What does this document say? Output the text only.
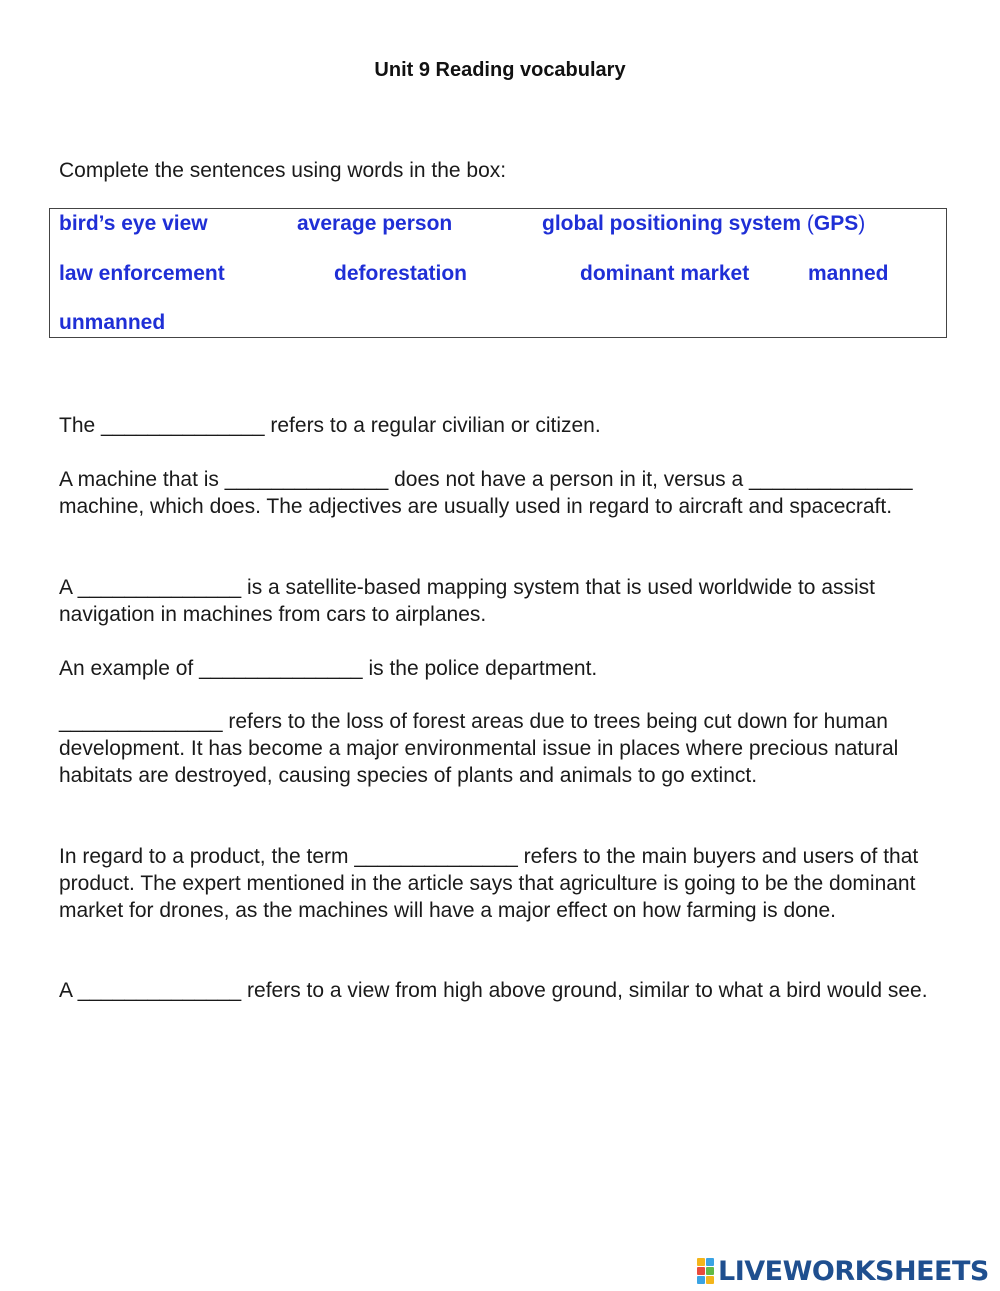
Unit 9 Reading vocabulary
Complete the sentences using words in the box:
bird’s eye view	average person	global positioning system (GPS)
law enforcement	deforestation	dominant market	manned
unmanned
The ______________ refers to a regular civilian or citizen.
A machine that is ______________ does not have a person in it, versus a ______________ machine, which does. The adjectives are usually used in regard to aircraft and spacecraft.
A ______________ is a satellite-based mapping system that is used worldwide to assist navigation in machines from cars to airplanes.
An example of ______________ is the police department.
______________ refers to the loss of forest areas due to trees being cut down for human development. It has become a major environmental issue in places where precious natural habitats are destroyed, causing species of plants and animals to go extinct.
In regard to a product, the term ______________ refers to the main buyers and users of that product. The expert mentioned in the article says that agriculture is going to be the dominant market for drones, as the machines will have a major effect on how farming is done.
A ______________ refers to a view from high above ground, similar to what a bird would see.
LIVEWORKSHEETS
